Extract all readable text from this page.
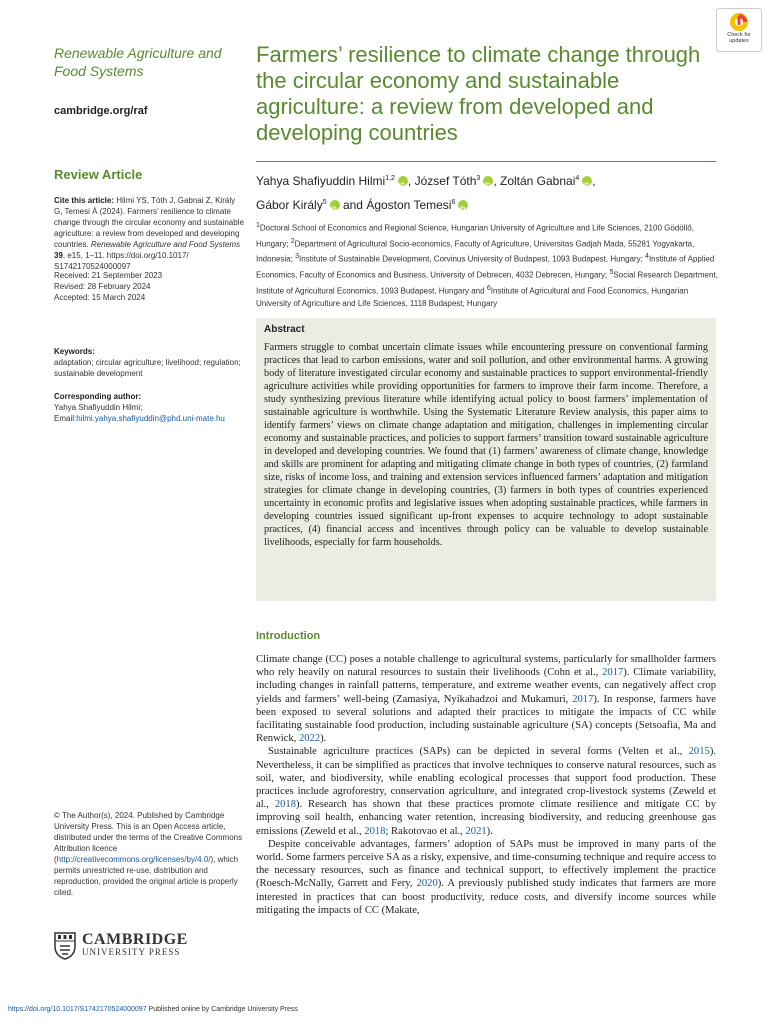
Renewable Agriculture and
Food Systems
cambridge.org/raf
Review Article
Cite this article: Hilmi YS, Tóth J, Gabnai Z, Király G, Temesi Á (2024). Farmers’ resilience to climate change through the circular economy and sustainable agriculture: a review from developed and developing countries. Renewable Agriculture and Food Systems 39, e15, 1–11. https://doi.org/10.1017/ S1742170524000097
Received: 21 September 2023
Revised: 28 February 2024
Accepted: 15 March 2024
Keywords:
adaptation; circular agriculture; livelihood; regulation; sustainable development
Corresponding author:
Yahya Shafiyuddin Hilmi;
Email:hilmi.yahya.shafiyuddin@phd.uni-mate.hu
© The Author(s), 2024. Published by Cambridge University Press. This is an Open Access article, distributed under the terms of the Creative Commons Attribution licence (http://creativecommons.org/licenses/by/4.0/), which permits unrestricted re-use, distribution and reproduction, provided the original article is properly cited.
CAMBRIDGE
UNIVERSITY PRESS
Check for
updates
Farmers’ resilience to climate change through the circular economy and sustainable agriculture: a review from developed and developing countries
Yahya Shafiyuddin Hilmi$^{1,2}$ iD , József Tóth$^3$ iD , Zoltán Gabnai$^4$ iD ,
Gábor Király$^5$iD and Ágoston Temesi$^6$iD
$^1$Doctoral School of Economics and Regional Science, Hungarian University of Agriculture and Life Sciences, 2100 Gödöllő, Hungary; $^2$Department of Agricultural Socio-economics, Faculty of Agriculture, Universitas Gadjah Mada, 55281 Yogyakarta, Indonesia; $^3$Institute of Sustainable Development, Corvinus University of Budapest, 1093 Budapest, Hungary; $^4$Institute of Applied Economics, Faculty of Economics and Business, University of Debrecen, 4032 Debrecen, Hungary; $^5$Social Research Department, Institute of Agricultural Economics, 1093 Budapest, Hungary and $^6$Institute of Agricultural and Food Economics, Hungarian University of Agriculture and Life Sciences, 1118 Budapest, Hungary
Abstract

Farmers struggle to combat uncertain climate issues while encountering pressure on conventional farming practices that lead to carbon emissions, water and soil pollution, and other environmental harms. A growing body of literature investigated circular economy and sustainable practices to support environmental-friendly agriculture activities while providing opportunities for farmers to improve their farm income. Therefore, a study synthesizing previous literature while identifying actual policy to boost farmers’ implementation of sustainable agriculture is worthwhile. Using the Systematic Literature Review analysis, this paper aims to identify farmers’ views on climate change adaptation and mitigation, challenges in implementing circular economy and sustainable practices, and policies to support farmers’ transition toward sustainable agriculture in developed and developing countries. We found that (1) farmers’ awareness of climate change, knowledge and skills are prominent for adapting and mitigating climate change in both types of countries, (2) farmland size, risks of income loss, and training and extension services influenced farmers’ adaptation and mitigation strategies for climate change in developing countries, (3) farmers in both types of countries experienced uncertainty in economic profits and legislative issues when adopting sustainable practices, while farmers in developing countries issued significant up-front expenses to acquire technology to adopt sustainable practices, (4) financial access and incentives through policy can be valuable to develop sustainable livelihoods, especially for farm households.

Introduction

Climate change (CC) poses a notable challenge to agricultural systems, particularly for smallholder farmers who rely heavily on natural resources to sustain their livelihoods (Cohn et al., 2017). Climate variability, including changes in rainfall patterns, temperature, and extreme weather events, can negatively affect crop yields and farmers’ well-being (Zamasiya, Nyikahadzoi and Mukamuri, 2017). In response, farmers have been exposed to several solutions and adapted their practices to mitigate the impacts of CC while facilitating sustainable food production, including sustainable agriculture (SA) concepts (Setsoafia, Ma and Renwick, 2022).

Sustainable agriculture practices (SAPs) can be depicted in several forms (Velten et al., 2015). Nevertheless, it can be simplified as practices that involve techniques to conserve natural resources, such as soil, water, and biodiversity, while enabling ecological processes that support food production. These practices include agroforestry, conservation agriculture, and integrated crop-livestock systems (Zeweld et al., 2018). Research has shown that these practices promote climate resilience and mitigate CC by improving soil health, enhancing water retention, increasing biodiversity, and reducing greenhouse gas emissions (Zeweld et al., 2018; Rakotovao et al., 2021).

Despite conceivable advantages, farmers’ adoption of SAPs must be improved in many parts of the world. Some farmers perceive SA as a risky, expensive, and time-consuming technique and require access to the necessary resources, such as finance and technical support, to effectively implement the practice (Roesch-McNally, Garrett and Fery, 2020). A previously published study indicates that farmers are more interested in practices that can boost productivity, reduce costs, and diversify income sources while mitigating the impacts of CC (Makate,

https://doi.org/10.1017/S1742170524000097 Published online by Cambridge University Press
